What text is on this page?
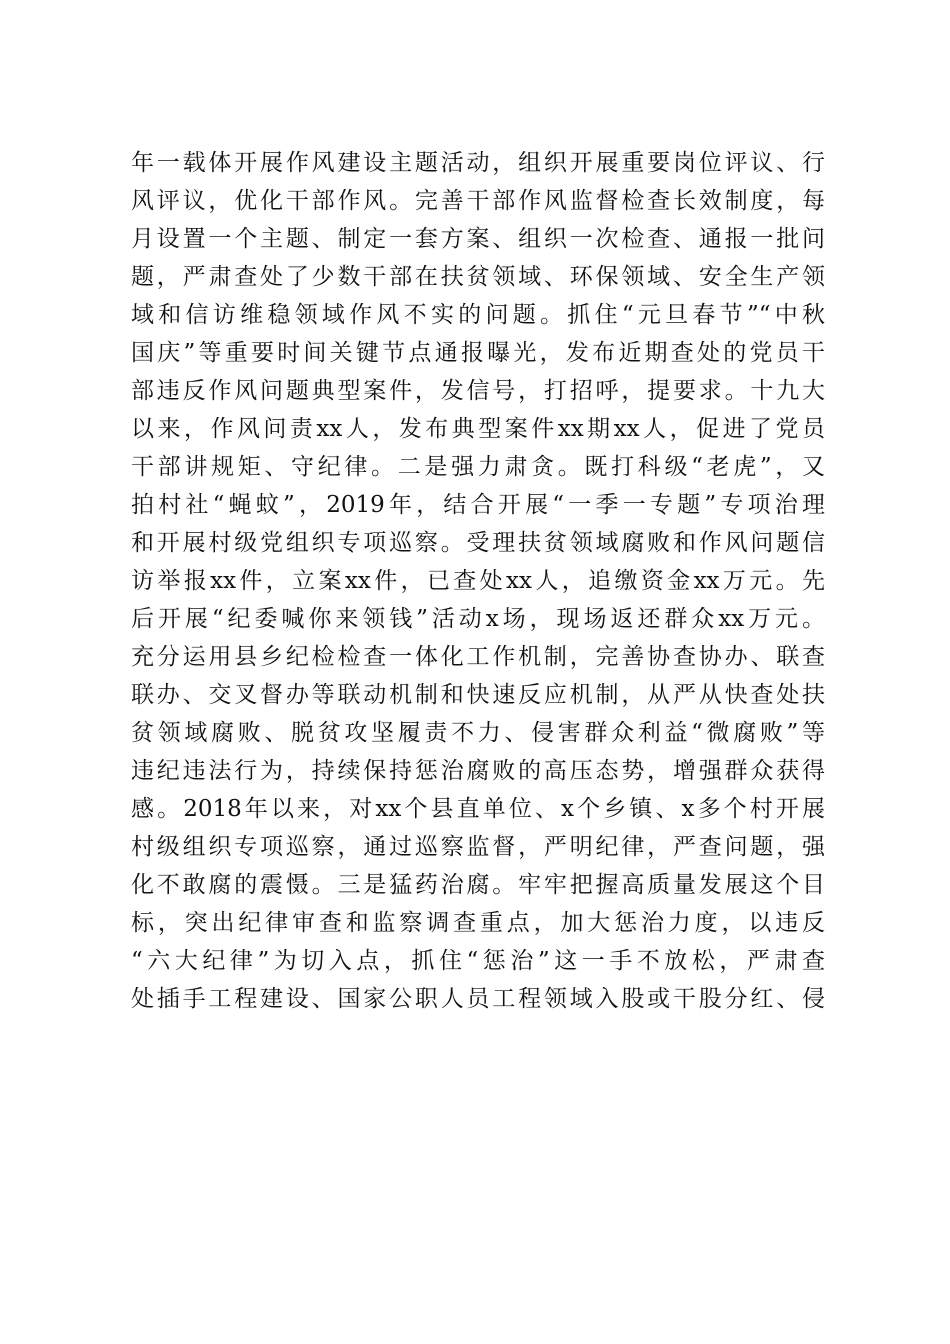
年一载体开展作风建设主题活动，组织开展重要岗位评议、行
风评议，优化干部作风。完善干部作风监督检查长效制度，每
月设置一个主题、制定一套方案、组织一次检查、通报一批问
题，严肃查处了少数干部在扶贫领域、环保领域、安全生产领
域和信访维稳领域作风不实的问题。抓住“元旦春节”“中秋
国庆”等重要时间关键节点通报曝光，发布近期查处的党员干
部违反作风问题典型案件，发信号，打招呼，提要求。十九大
以来，作风问责xx人，发布典型案件xx期xx人，促进了党员
干部讲规矩、守纪律。二是强力肃贪。既打科级“老虎”，又
拍村社“蝇蚊”，2019年，结合开展“一季一专题”专项治理
和开展村级党组织专项巡察。受理扶贫领域腐败和作风问题信
访举报xx件，立案xx件，已查处xx人，追缴资金xx万元。先
后开展“纪委喊你来领钱”活动x场，现场返还群众xx万元。
充分运用县乡纪检检查一体化工作机制，完善协查协办、联查
联办、交叉督办等联动机制和快速反应机制，从严从快查处扶
贫领域腐败、脱贫攻坚履责不力、侵害群众利益“微腐败”等
违纪违法行为，持续保持惩治腐败的高压态势，增强群众获得
感。2018年以来，对xx个县直单位、x个乡镇、x多个村开展
村级组织专项巡察，通过巡察监督，严明纪律，严查问题，强
化不敢腐的震慑。三是猛药治腐。牢牢把握高质量发展这个目
标，突出纪律审查和监察调查重点，加大惩治力度，以违反
“六大纪律”为切入点，抓住“惩治”这一手不放松，严肃查
处插手工程建设、国家公职人员工程领域入股或干股分红、侵
